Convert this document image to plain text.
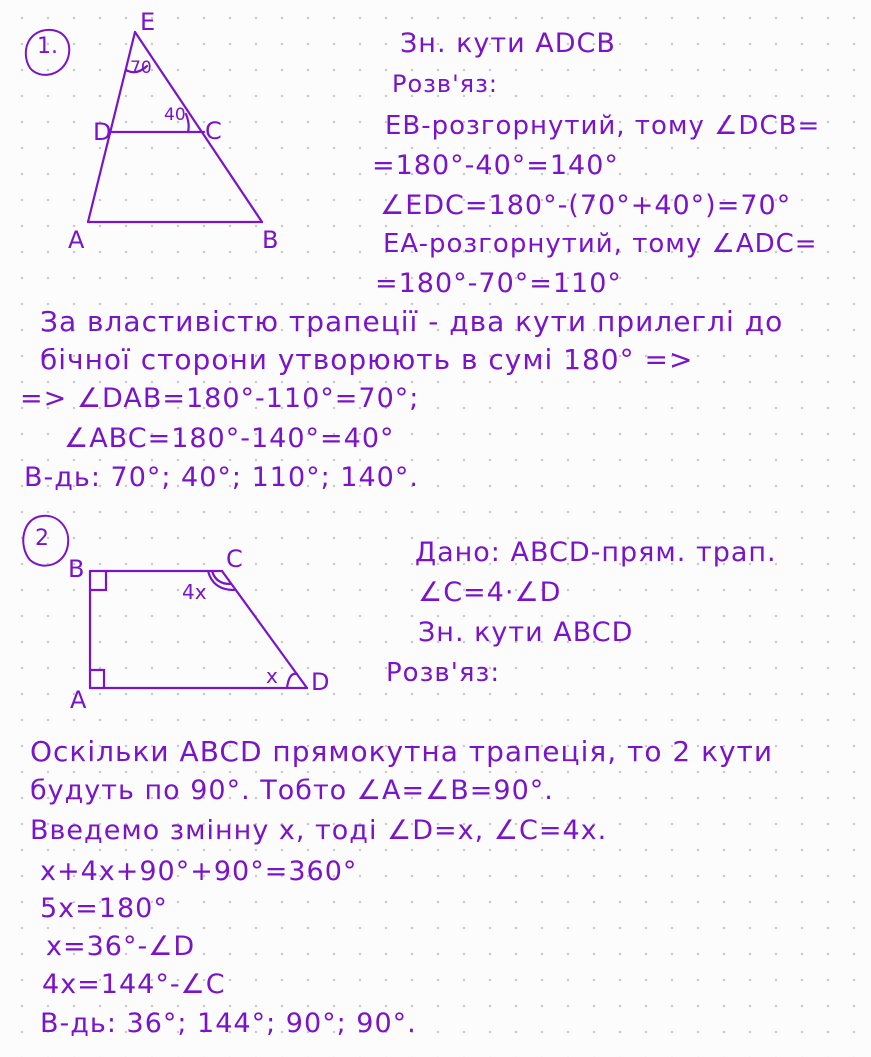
1.
E
D	C
A	B
70
40
Зн. кути ADCB
Розв'яз:
EB-розгорнутий, тому ∠DCB=
=180°-40°=140°
∠EDC=180°-(70°+40°)=70°
EA-розгорнутий, тому ∠ADC=
=180°-70°=110°
За властивістю трапеції - два кути прилеглі до
бічної сторони утворюють в сумі 180° =>
=> ∠DAB=180°-110°=70°;
∠ABC=180°-140°=40°
В-дь: 70°; 40°; 110°; 140°.
2
B	C
A
D
4x
x
Дано: ABCD-прям. трап.
∠C=4·∠D
Зн. кути ABCD
Розв'яз:
Оскільки ABCD прямокутна трапеція, то 2 кути
будуть по 90°. Тобто ∠A=∠B=90°.
Введемо змінну x, тоді ∠D=x, ∠C=4x.
x+4x+90°+90°=360°
5x=180°
x=36°-∠D
4x=144°-∠C
В-дь: 36°; 144°; 90°; 90°.
